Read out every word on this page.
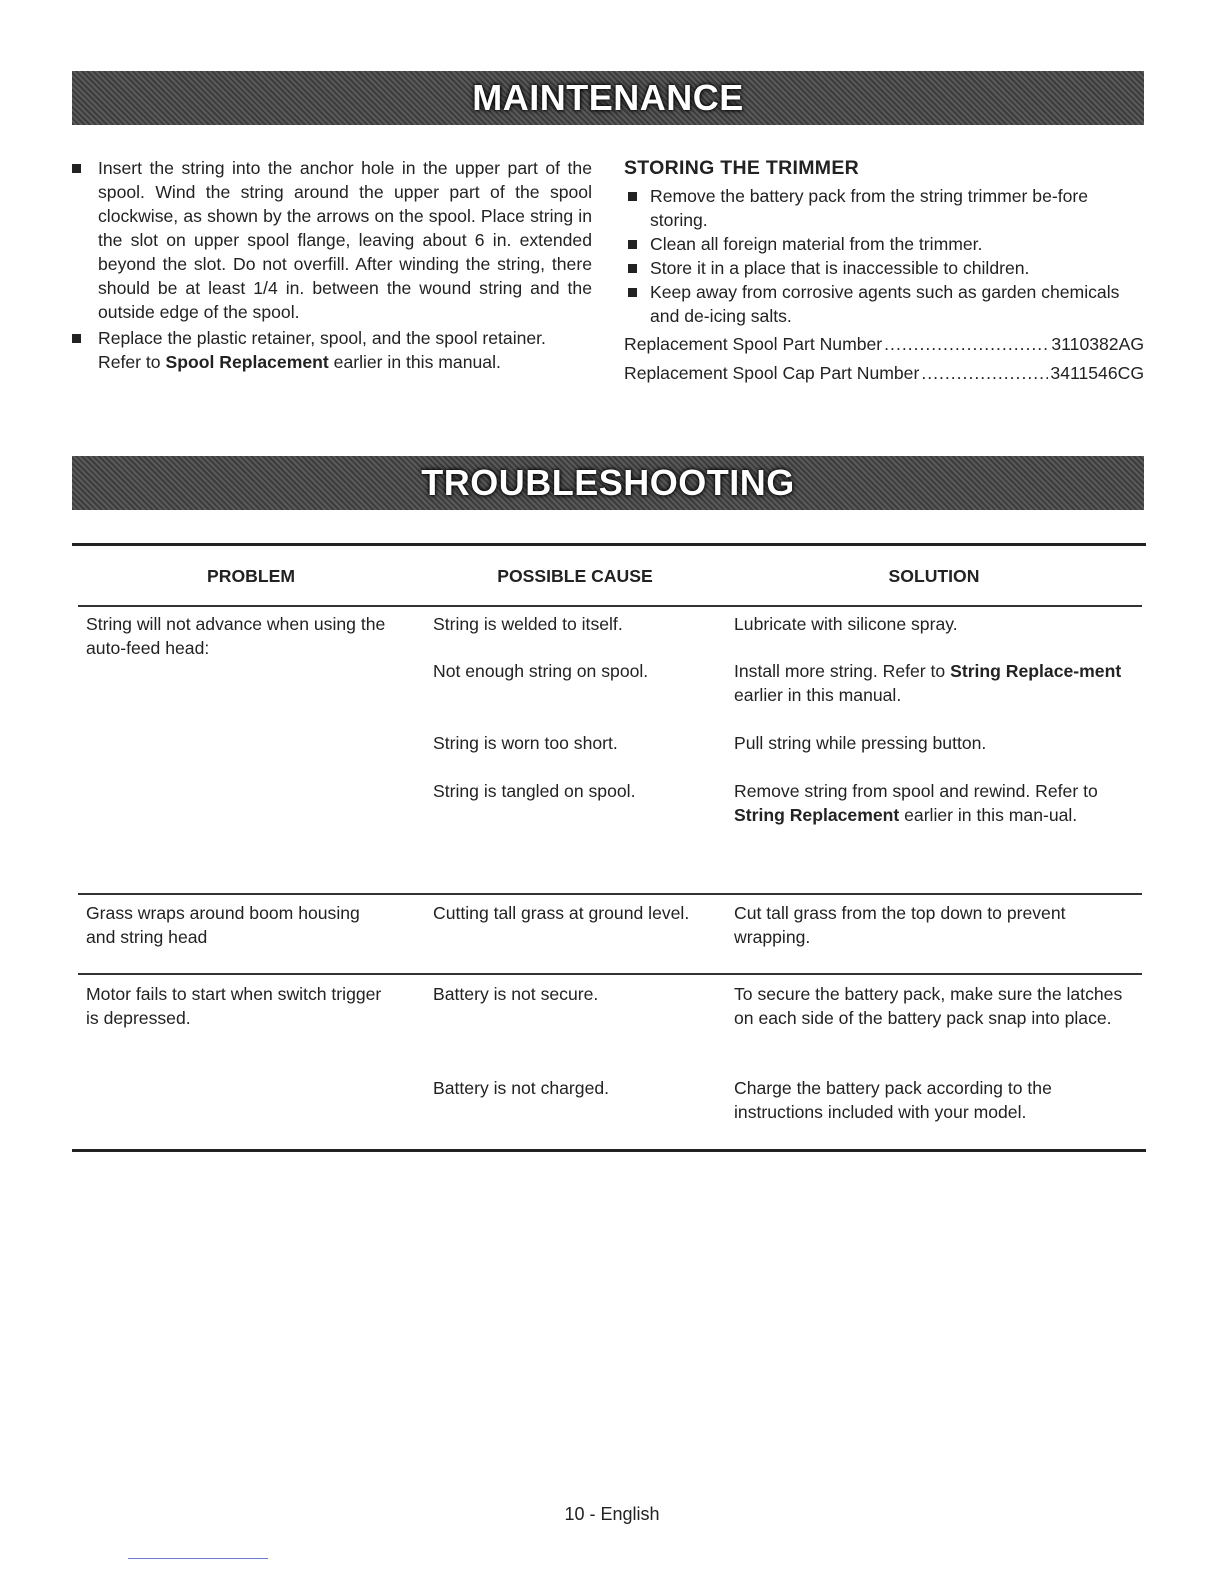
MAINTENANCE
Insert the string into the anchor hole in the upper part of the spool. Wind the string around the upper part of the spool clockwise, as shown by the arrows on the spool. Place string in the slot on upper spool flange, leaving about 6 in. extended beyond the slot. Do not overfill. After winding the string, there should be at least 1/4 in. between the wound string and the outside edge of the spool.
Replace the plastic retainer, spool, and the spool retainer. Refer to Spool Replacement earlier in this manual.
STORING THE TRIMMER
Remove the battery pack from the string trimmer be-fore storing.
Clean all foreign material from the trimmer.
Store it in a place that is inaccessible to children.
Keep away from corrosive agents such as garden chemicals and de-icing salts.
Replacement Spool Part Number .....	3110382AG
Replacement Spool Cap Part Number .....	3411546CG
TROUBLESHOOTING
PROBLEM	POSSIBLE CAUSE	SOLUTION
String will not advance when using the auto-feed head:
String is welded to itself.	Lubricate with silicone spray.
Not enough string on spool.	Install more string. Refer to String Replace-ment earlier in this manual.
String is worn too short.	Pull string while pressing button.
String is tangled on spool.	Remove string from spool and rewind. Refer to String Replacement earlier in this man-ual.
Grass wraps around boom housing and string head
Cutting tall grass at ground level.	Cut tall grass from the top down to prevent wrapping.
Motor fails to start when switch trigger is depressed.
Battery is not secure.	To secure the battery pack, make sure the latches on each side of the battery pack snap into place.
Battery is not charged.	Charge the battery pack according to the instructions included with your model.
10 - English
